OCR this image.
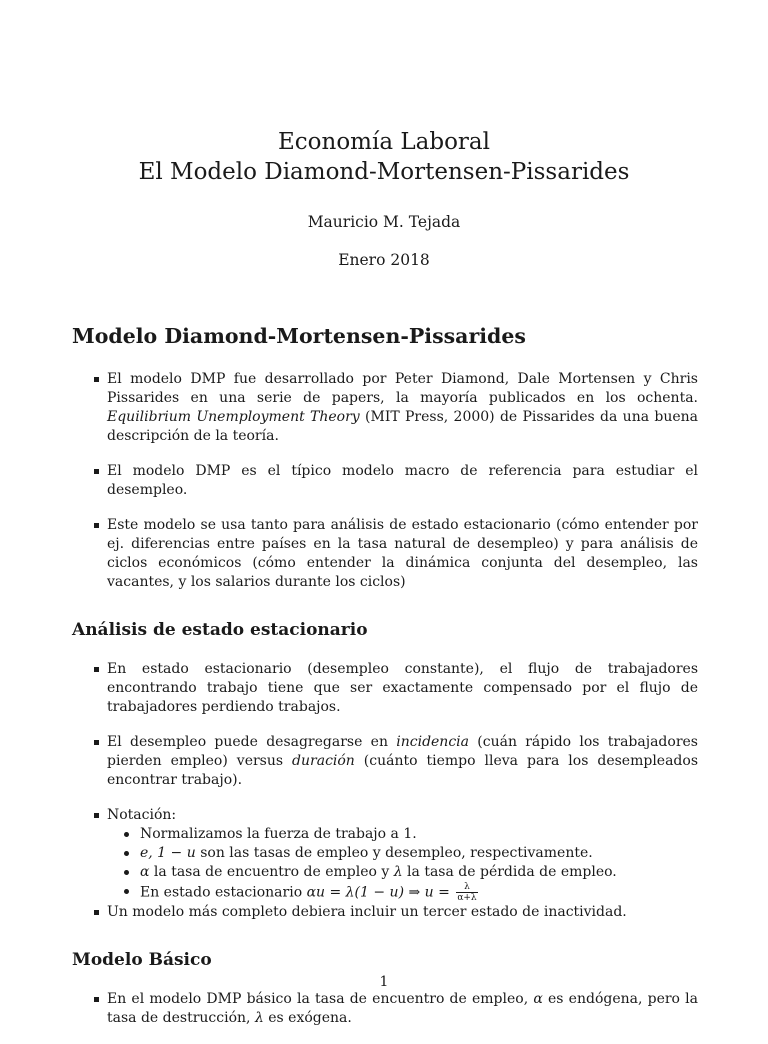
Economía Laboral
El Modelo Diamond-Mortensen-Pissarides
Mauricio M. Tejada
Enero 2018
Modelo Diamond-Mortensen-Pissarides
El modelo DMP fue desarrollado por Peter Diamond, Dale Mortensen y Chris Pissarides en una serie de papers, la mayoría publicados en los ochenta. Equilibrium Unemployment Theory (MIT Press, 2000) de Pissarides da una buena descripción de la teoría.
El modelo DMP es el típico modelo macro de referencia para estudiar el desempleo.
Este modelo se usa tanto para análisis de estado estacionario (cómo entender por ej. diferencias entre países en la tasa natural de desempleo) y para análisis de ciclos económicos (cómo entender la dinámica conjunta del desempleo, las vacantes, y los salarios durante los ciclos)
Análisis de estado estacionario
En estado estacionario (desempleo constante), el flujo de trabajadores encontrando trabajo tiene que ser exactamente compensado por el flujo de trabajadores perdiendo trabajos.
El desempleo puede desagregarse en incidencia (cuán rápido los trabajadores pierden empleo) versus duración (cuánto tiempo lleva para los desempleados encontrar trabajo).
Notación:
Normalizamos la fuerza de trabajo a 1.
e, 1 − u son las tasas de empleo y desempleo, respectivamente.
α la tasa de encuentro de empleo y λ la tasa de pérdida de empleo.
En estado estacionario αu = λ(1 − u) ⇒ $u = \frac{\lambda}{\alpha+\lambda}$
Un modelo más completo debiera incluir un tercer estado de inactividad.
Modelo Básico
En el modelo DMP básico la tasa de encuentro de empleo, α es endógena, pero la tasa de destrucción, λ es exógena.
1
